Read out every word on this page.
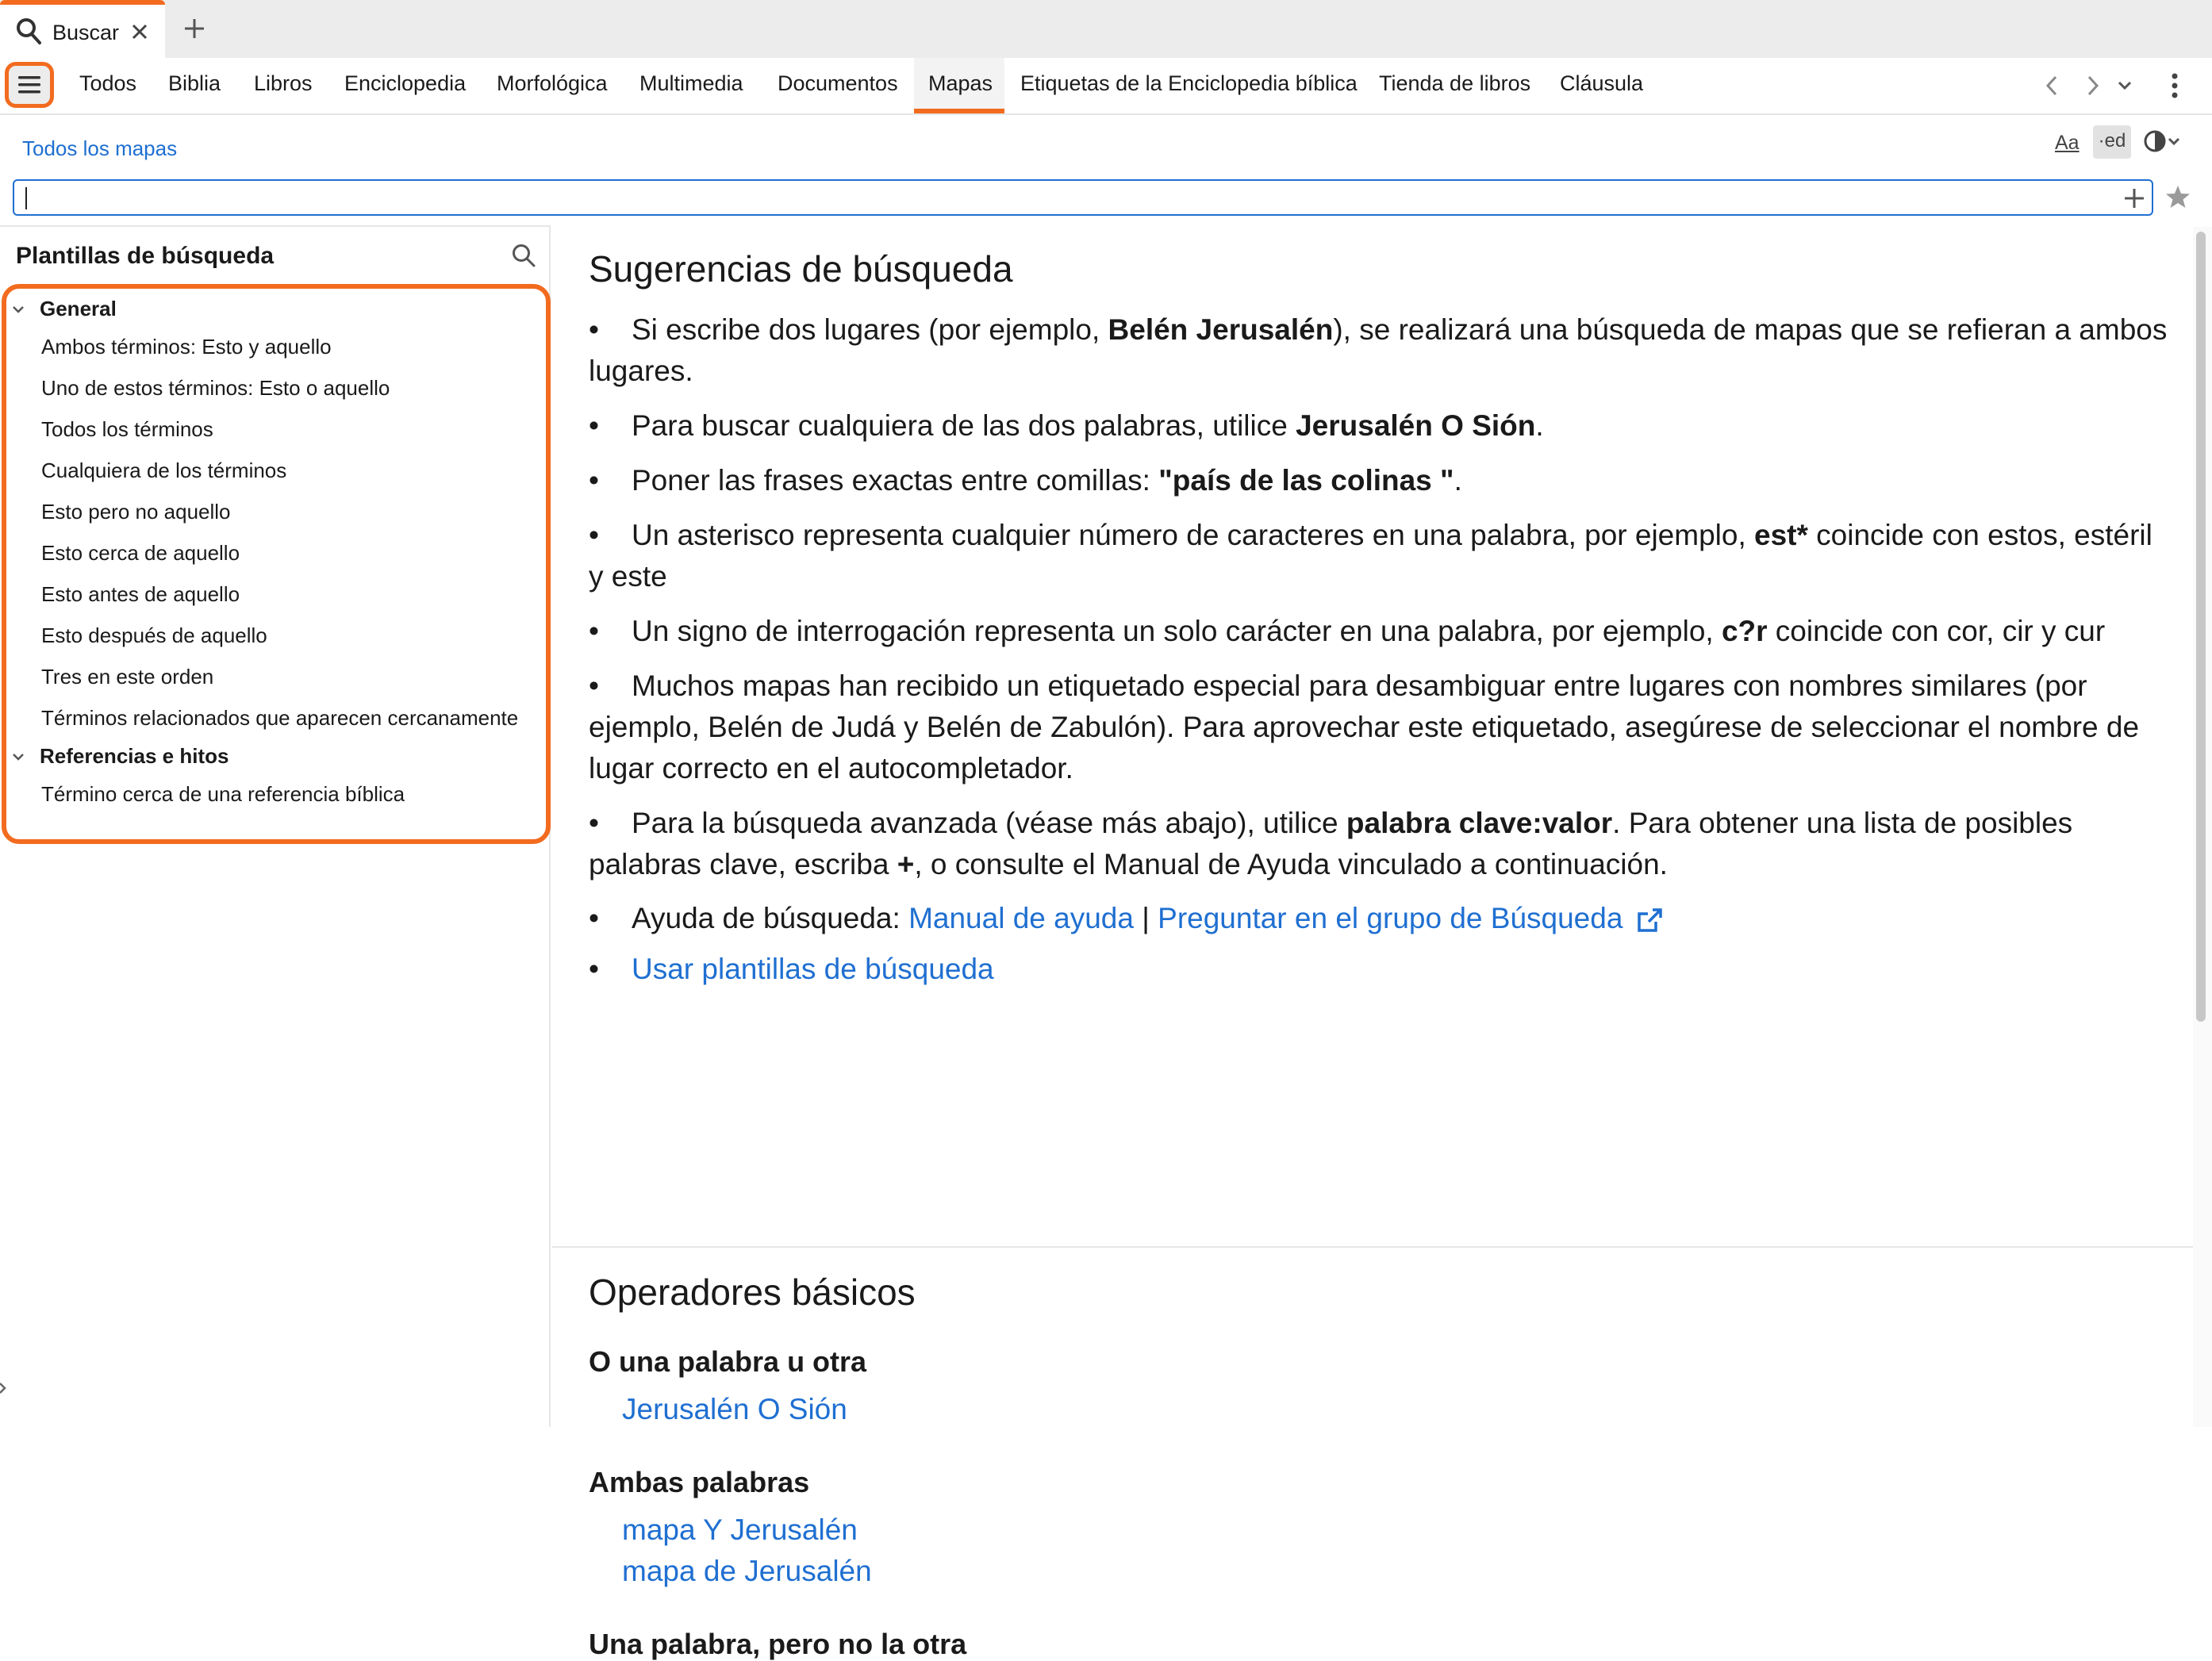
Buscar
Todos Biblia Libros Enciclopedia Morfológica Multimedia Documentos Mapas Etiquetas de la Enciclopedia bíblica Tienda de libros Cláusula
Todos los mapas	Aa ·ed
Plantillas de búsqueda
General
Ambos términos: Esto y aquello
Uno de estos términos: Esto o aquello
Todos los términos
Cualquiera de los términos
Esto pero no aquello
Esto cerca de aquello
Esto antes de aquello
Esto después de aquello
Tres en este orden
Términos relacionados que aparecen cercanamente
Referencias e hitos
Término cerca de una referencia bíblica
Sugerencias de búsqueda
• Si escribe dos lugares (por ejemplo, Belén Jerusalén), se realizará una búsqueda de mapas que se refieran a ambos lugares.
• Para buscar cualquiera de las dos palabras, utilice Jerusalén O Sión.
• Poner las frases exactas entre comillas: "país de las colinas ".
• Un asterisco representa cualquier número de caracteres en una palabra, por ejemplo, est* coincide con estos, estéril y este
• Un signo de interrogación representa un solo carácter en una palabra, por ejemplo, c?r coincide con cor, cir y cur
• Muchos mapas han recibido un etiquetado especial para desambiguar entre lugares con nombres similares (por ejemplo, Belén de Judá y Belén de Zabulón). Para aprovechar este etiquetado, asegúrese de seleccionar el nombre de lugar correcto en el autocompletador.
• Para la búsqueda avanzada (véase más abajo), utilice palabra clave:valor. Para obtener una lista de posibles palabras clave, escriba +, o consulte el Manual de Ayuda vinculado a continuación.
• Ayuda de búsqueda: Manual de ayuda | Preguntar en el grupo de Búsqueda
• Usar plantillas de búsqueda
Operadores básicos
O una palabra u otra
Jerusalén O Sión
Ambas palabras
mapa Y Jerusalén
mapa de Jerusalén
Una palabra, pero no la otra
